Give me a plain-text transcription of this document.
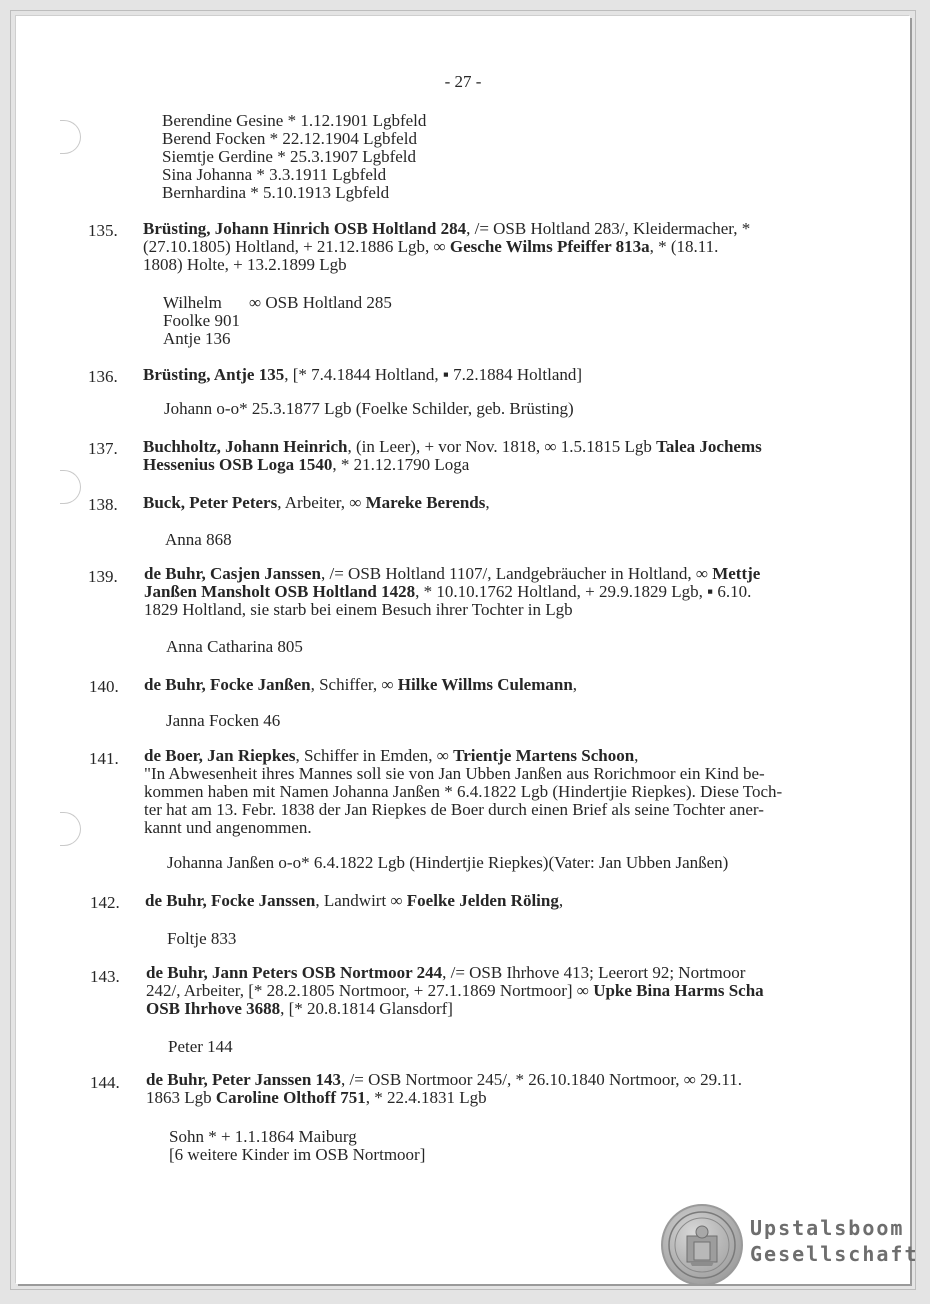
- 27 -
Berendine Gesine * 1.12.1901 Lgbfeld
Berend Focken * 22.12.1904 Lgbfeld
Siemtje Gerdine * 25.3.1907 Lgbfeld
Sina Johanna * 3.3.1911 Lgbfeld
Bernhardina * 5.10.1913 Lgbfeld
135. Brüsting, Johann Hinrich OSB Holtland 284, /= OSB Holtland 283/, Kleidermacher, *
(27.10.1805) Holtland, + 21.12.1886 Lgb, ∞ Gesche Wilms Pfeiffer 813a, * (18.11.
1808) Holte, + 13.2.1899 Lgb
Wilhelm ∞ OSB Holtland 285
Foolke 901
Antje 136
136. Brüsting, Antje 135, [* 7.4.1844 Holtland, ▪ 7.2.1884 Holtland]
Johann o-o* 25.3.1877 Lgb (Foelke Schilder, geb. Brüsting)
137. Buchholtz, Johann Heinrich, (in Leer), + vor Nov. 1818, ∞ 1.5.1815 Lgb Talea Jochems
Hessenius OSB Loga 1540, * 21.12.1790 Loga
138. Buck, Peter Peters, Arbeiter, ∞ Mareke Berends,
Anna 868
139. de Buhr, Casjen Janssen, /= OSB Holtland 1107/, Landgebräucher in Holtland, ∞ Mettje
Janßen Mansholt OSB Holtland 1428, * 10.10.1762 Holtland, + 29.9.1829 Lgb, ▪ 6.10.
1829 Holtland, sie starb bei einem Besuch ihrer Tochter in Lgb
Anna Catharina 805
140. de Buhr, Focke Janßen, Schiffer, ∞ Hilke Willms Culemann,
Janna Focken 46
141. de Boer, Jan Riepkes, Schiffer in Emden, ∞ Trientje Martens Schoon,
"In Abwesenheit ihres Mannes soll sie von Jan Ubben Janßen aus Rorichmoor ein Kind be-
kommen haben mit Namen Johanna Janßen * 6.4.1822 Lgb (Hindertjie Riepkes). Diese Toch-
ter hat am 13. Febr. 1838 der Jan Riepkes de Boer durch einen Brief als seine Tochter aner-
kannt und angenommen.
Johanna Janßen o-o* 6.4.1822 Lgb (Hindertjie Riepkes)(Vater: Jan Ubben Janßen)
142. de Buhr, Focke Janssen, Landwirt ∞ Foelke Jelden Röling,
Foltje 833
143. de Buhr, Jann Peters OSB Nortmoor 244, /= OSB Ihrhove 413; Leerort 92; Nortmoor
242/, Arbeiter, [* 28.2.1805 Nortmoor, + 27.1.1869 Nortmoor] ∞ Upke Bina Harms Scha
OSB Ihrhove 3688, [* 20.8.1814 Glansdorf]
Peter 144
144. de Buhr, Peter Janssen 143, /= OSB Nortmoor 245/, * 26.10.1840 Nortmoor, ∞ 29.11.
1863 Lgb Caroline Olthoff 751, * 22.4.1831 Lgb
Sohn * + 1.1.1864 Maiburg
[6 weitere Kinder im OSB Nortmoor]
Upstalsboom
Gesellschaft
